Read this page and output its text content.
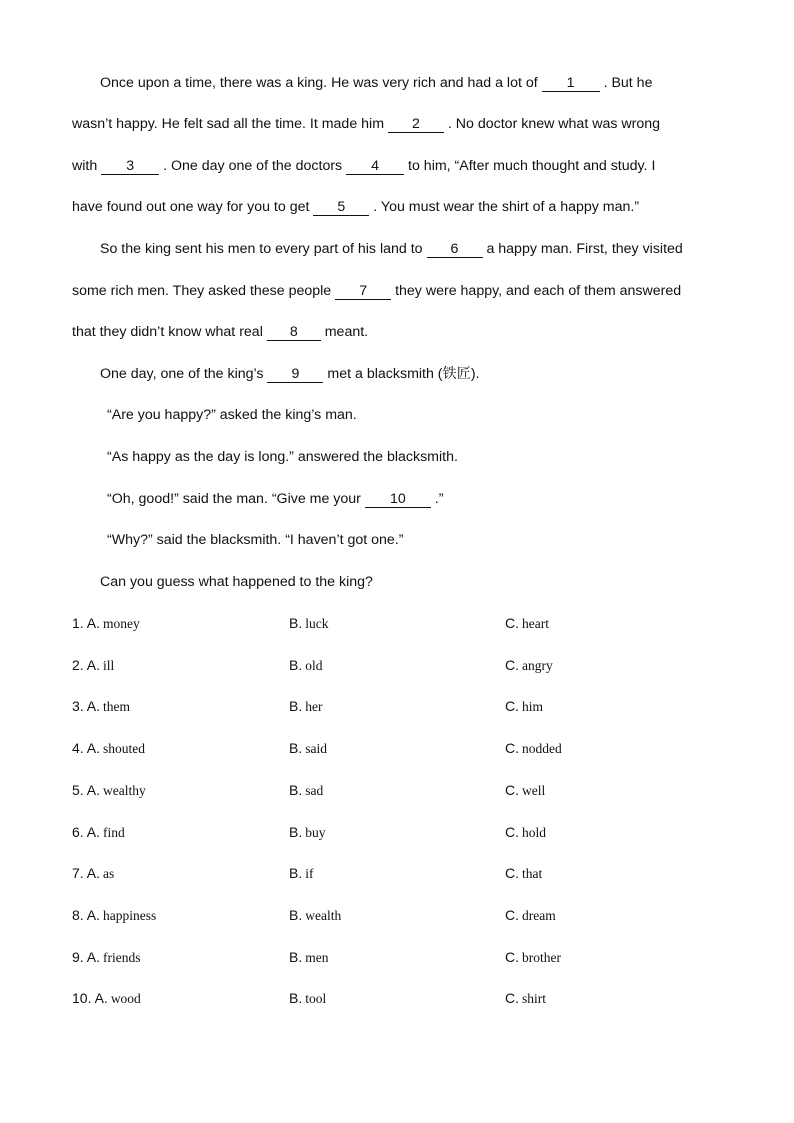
Once upon a time, there was a king. He was very rich and had a lot of 1 . But he
wasn’t happy. He felt sad all the time. It made him 2 . No doctor knew what was wrong
with 3 . One day one of the doctors 4 to him, “After much thought and study. I
have found out one way for you to get 5 . You must wear the shirt of a happy man.”
So the king sent his men to every part of his land to 6 a happy man. First, they visited
some rich men. They asked these people 7 they were happy, and each of them answered
that they didn’t know what real 8 meant.
One day, one of the king’s 9 met a blacksmith (铁匠).
“Are you happy?” asked the king’s man.
“As happy as the day is long.” answered the blacksmith.
“Oh, good!” said the man. “Give me your 10 .”
“Why?” said the blacksmith. “I haven’t got one.”
Can you guess what happened to the king?
1. A. money	B. luck	C. heart
2. A. ill	B. old	C. angry
3. A. them	B. her	C. him
4. A. shouted	B. said	C. nodded
5. A. wealthy	B. sad	C. well
6. A. find	B. buy	C. hold
7. A. as	B. if	C. that
8. A. happiness	B. wealth	C. dream
9. A. friends	B. men	C. brother
10. A. wood	B. tool	C. shirt
